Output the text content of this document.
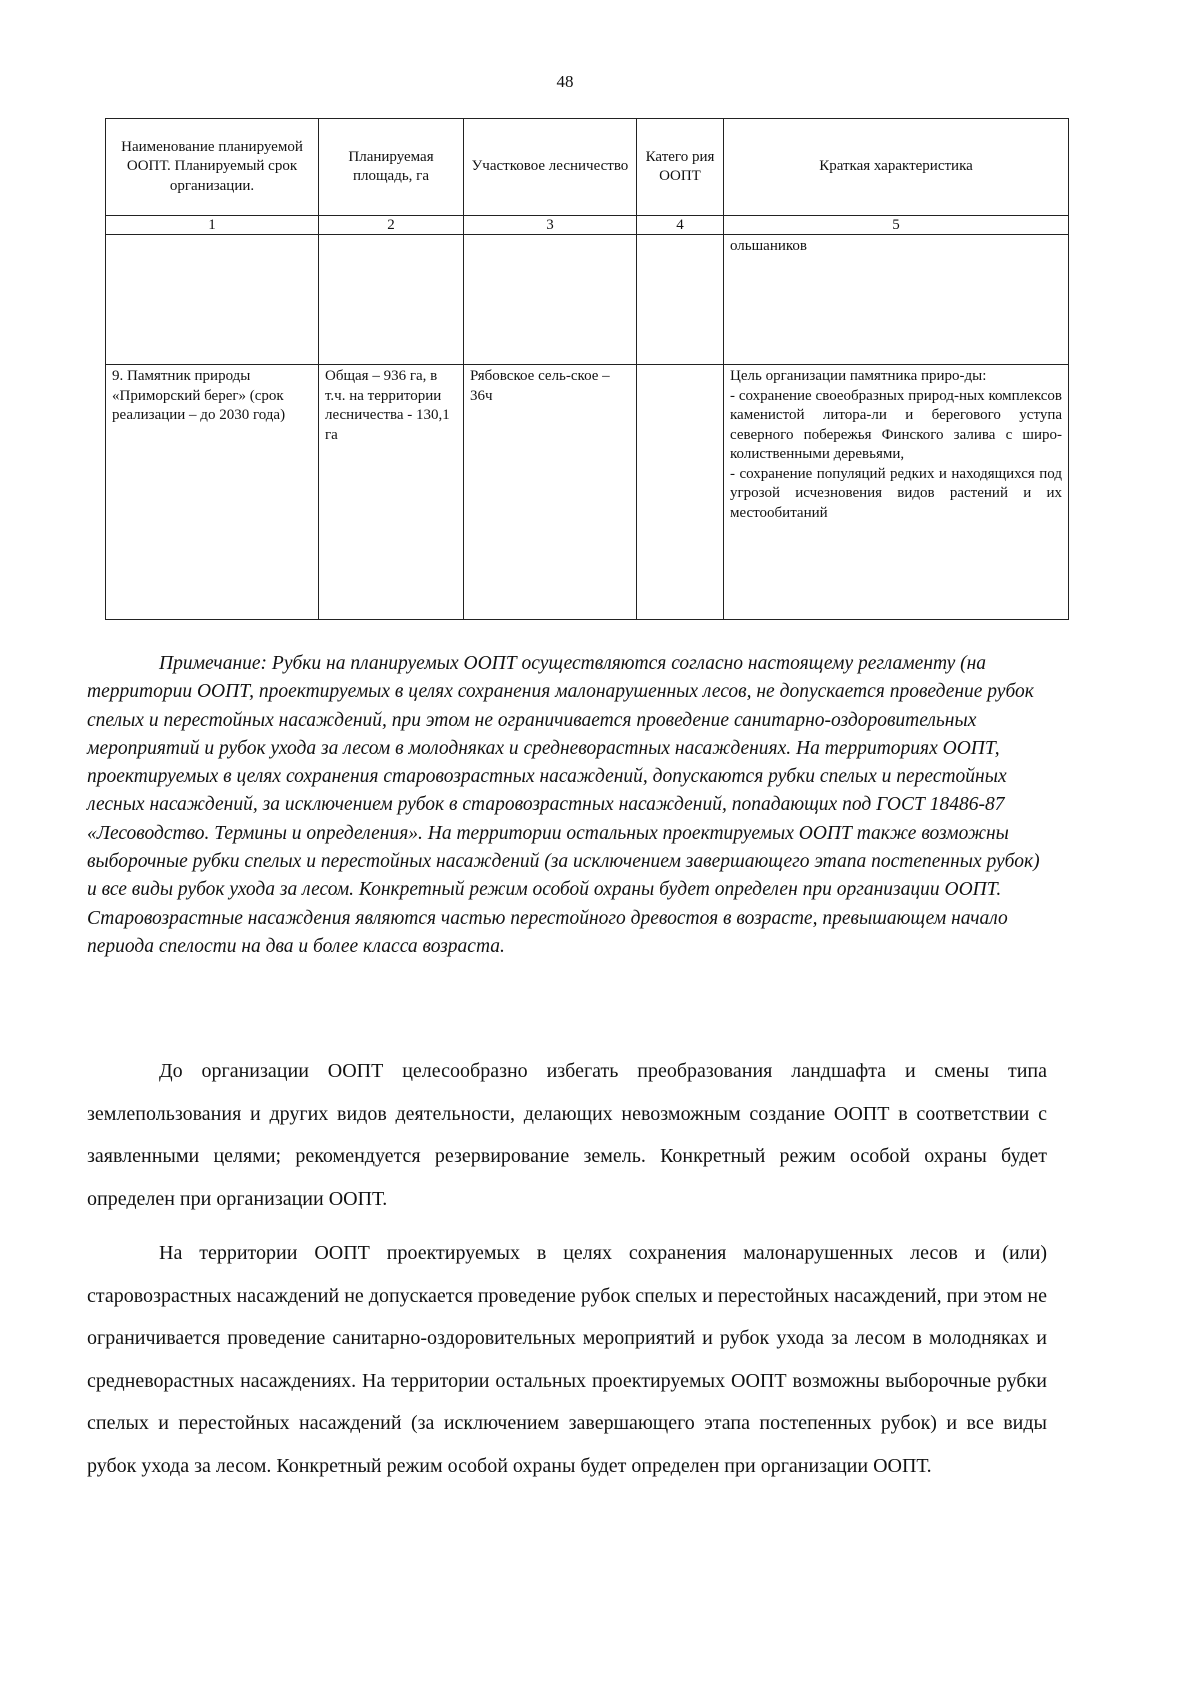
48
Наименование планируемой ООПТ. Планируемый срок организации.	Планируемая площадь, га	Участковое лесничество	Катего рия ООПТ	Краткая характеристика
1	2	3	4	5
				ольшаников
9. Памятник природы «Приморский берег» (срок реализации – до 2030 года)	Общая – 936 га, в т.ч. на территории лесничества - 130,1 га	Рябовское сель-ское – 36ч		Цель организации памятника приро-ды:
- сохранение своеобразных природ-ных комплексов каменистой литора-ли и берегового уступа северного побережья Финского залива с широ-колиственными деревьями,
- сохранение популяций редких и находящихся под угрозой исчезновения видов растений и их местообитаний

Примечание: Рубки на планируемых ООПТ осуществляются согласно настоящему регламенту (на территории ООПТ, проектируемых в целях сохранения малонарушенных лесов, не допускается проведение рубок спелых и перестойных насаждений, при этом не ограничивается проведение санитарно-оздоровительных мероприятий и рубок ухода за лесом в молодняках и средневорастных насаждениях. На территориях ООПТ, проектируемых в целях сохранения старовозрастных насаждений, допускаются рубки спелых и перестойных лесных насаждений, за исключением рубок в старовозрастных насаждений, попадающих под ГОСТ 18486-87 «Лесоводство. Термины и определения». На территории остальных проектируемых ООПТ также возможны выборочные рубки спелых и перестойных насаждений (за исключением завершающего этапа постепенных рубок) и все виды рубок ухода за лесом. Конкретный режим особой охраны будет определен при организации ООПТ. Старовозрастные насаждения являются частью перестойного древостоя в возрасте, превышающем начало периода спелости на два и более класса возраста.

До организации ООПТ целесообразно избегать преобразования ландшафта и смены типа землепользования и других видов деятельности, делающих невозможным создание ООПТ в соответствии с заявленными целями; рекомендуется резервирование земель. Конкретный режим особой охраны будет определен при организации ООПТ.

На территории ООПТ проектируемых в целях сохранения малонарушенных лесов и (или) старовозрастных насаждений не допускается проведение рубок спелых и перестойных насаждений, при этом не ограничивается проведение санитарно-оздоровительных мероприятий и рубок ухода за лесом в молодняках и средневорастных насаждениях. На территории остальных проектируемых ООПТ возможны выборочные рубки спелых и перестойных насаждений (за исключением завершающего этапа постепенных рубок) и все виды рубок ухода за лесом. Конкретный режим особой охраны будет определен при организации ООПТ.
